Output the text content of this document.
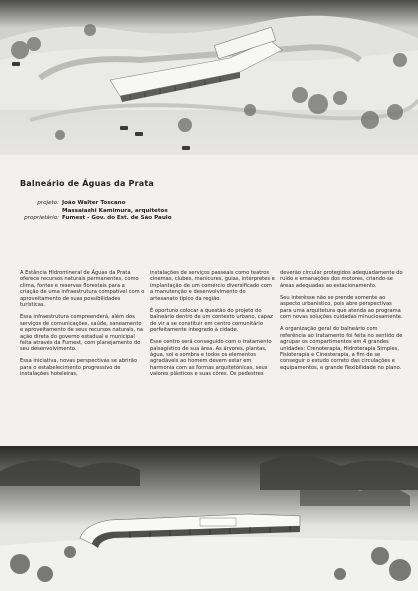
Balneário de Águas da Prata
projeto: João Walter Toscano
Massaiashi Kamimura, arquitetos
proprietário: Fumest - Gov. do Est. de São Paulo

A Estância Hidromineral de Águas da Prata oferece recursos naturais permanentes, como clima, fontes e reservas florestais para a criação de uma infraestrutura compatível com o aproveitamento de suas possibilidades turísticas.

Essa infraestrutura compreenderá, além dos serviços de comunicações, saúde, saneamento e aproveitamento de seus recursos naturais, na ação direta do governo estadual e municipal feita através da Fumest, com planejamento do seu desenvolvimento.

Essa iniciativa, novas perspectivas se abrirão para o estabelecimento progressivo de instalações hoteleiras,

instalações de serviços passeais como teatros cinemas, clubes, manicures, guias, intérpretes e implantação de um comércio diversificado com a manutenção e desenvolvimento do artesanato típico da região.

É oportuno colocar a questão do projeto do balneário dentro de um contexto urbano, capaz de vir a se constituir em centro comunitário perfeitamente integrado à cidade.

Esse centro será conseguido com o tratamento paisagístico de sua área. As árvores, plantas, água, sol e sombra e todos os elementos agradáveis ao homem devem estar em harmonia com as formas arquitetônicas, seus valores plásticos e suas côres. Os pedestres

deverão circular protegidos adequadamente do ruído e emanações dos motores, criando-se áreas adequadas ao estacionamento.

Seu interêsse não se prende somente ao aspecto urbanístico, pois abre perspectivas para uma arquitetura que atenda ao programa com novas soluções cuidadas minuciosamente.

A organização geral do balneário com referência ao tratamento foi feita no sentido de agrupar os compartimentos em 4 grandes unidades: Crenoterapia, Hidroterapia Simples, Fisioterapia e Cinesterapia, a fim de se conseguir o estudo correto das circulações e equipamentos, e grande flexibilidade no plano.
